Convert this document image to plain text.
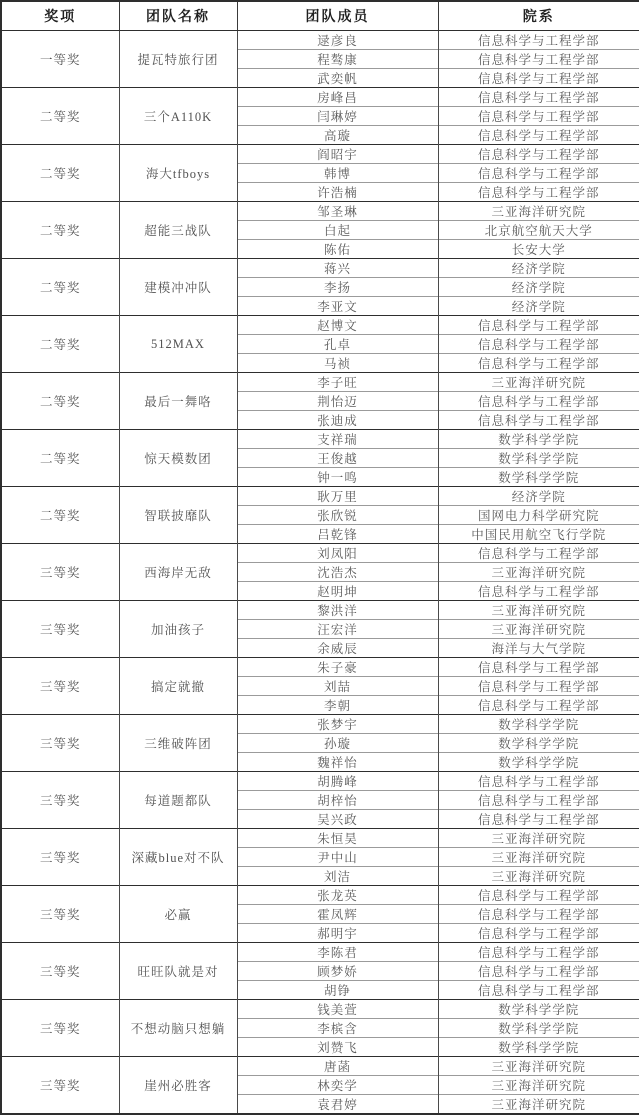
奖项	团队名称	团队成员	院系
一等奖	提瓦特旅行团	逯彦良	信息科学与工程学部
		程骜康	信息科学与工程学部
		武奕帆	信息科学与工程学部
二等奖	三个A110K	房峰昌	信息科学与工程学部
		闫琳婷	信息科学与工程学部
		高璇	信息科学与工程学部
二等奖	海大tfboys	阎昭宇	信息科学与工程学部
		韩博	信息科学与工程学部
		许浩楠	信息科学与工程学部
二等奖	超能三战队	邹圣琳	三亚海洋研究院
		白起	北京航空航天大学
		陈佑	长安大学
二等奖	建模冲冲队	蒋兴	经济学院
		李扬	经济学院
		李亚文	经济学院
二等奖	512MAX	赵博文	信息科学与工程学部
		孔卓	信息科学与工程学部
		马祯	信息科学与工程学部
二等奖	最后一舞咯	李子旺	三亚海洋研究院
		荆怡迈	信息科学与工程学部
		张迪成	信息科学与工程学部
二等奖	惊天模数团	支祥瑞	数学科学学院
		王俊越	数学科学学院
		钟一鸣	数学科学学院
二等奖	智联披靡队	耿万里	经济学院
		张欣锐	国网电力科学研究院
		吕乾锋	中国民用航空飞行学院
三等奖	西海岸无敌	刘凤阳	信息科学与工程学部
		沈浩杰	三亚海洋研究院
		赵明坤	信息科学与工程学部
三等奖	加油孩子	黎洪洋	三亚海洋研究院
		汪宏洋	三亚海洋研究院
		余威辰	海洋与大气学院
三等奖	搞定就撤	朱子豪	信息科学与工程学部
		刘喆	信息科学与工程学部
		李朝	信息科学与工程学部
三等奖	三维破阵团	张梦宇	数学科学学院
		孙璇	数学科学学院
		魏祥怡	数学科学学院
三等奖	每道题都队	胡腾峰	信息科学与工程学部
		胡梓怡	信息科学与工程学部
		吴兴政	信息科学与工程学部
三等奖	深藏blue对不队	朱恒昊	三亚海洋研究院
		尹中山	三亚海洋研究院
		刘洁	三亚海洋研究院
三等奖	必赢	张龙英	信息科学与工程学部
		霍凤辉	信息科学与工程学部
		郝明宇	信息科学与工程学部
三等奖	旺旺队就是对	李陈君	信息科学与工程学部
		顾梦娇	信息科学与工程学部
		胡铮	信息科学与工程学部
三等奖	不想动脑只想躺	钱美萱	数学科学学院
		李槟含	数学科学学院
		刘赞飞	数学科学学院
三等奖	崖州必胜客	唐菡	三亚海洋研究院
		林奕学	三亚海洋研究院
		袁君婷	三亚海洋研究院
